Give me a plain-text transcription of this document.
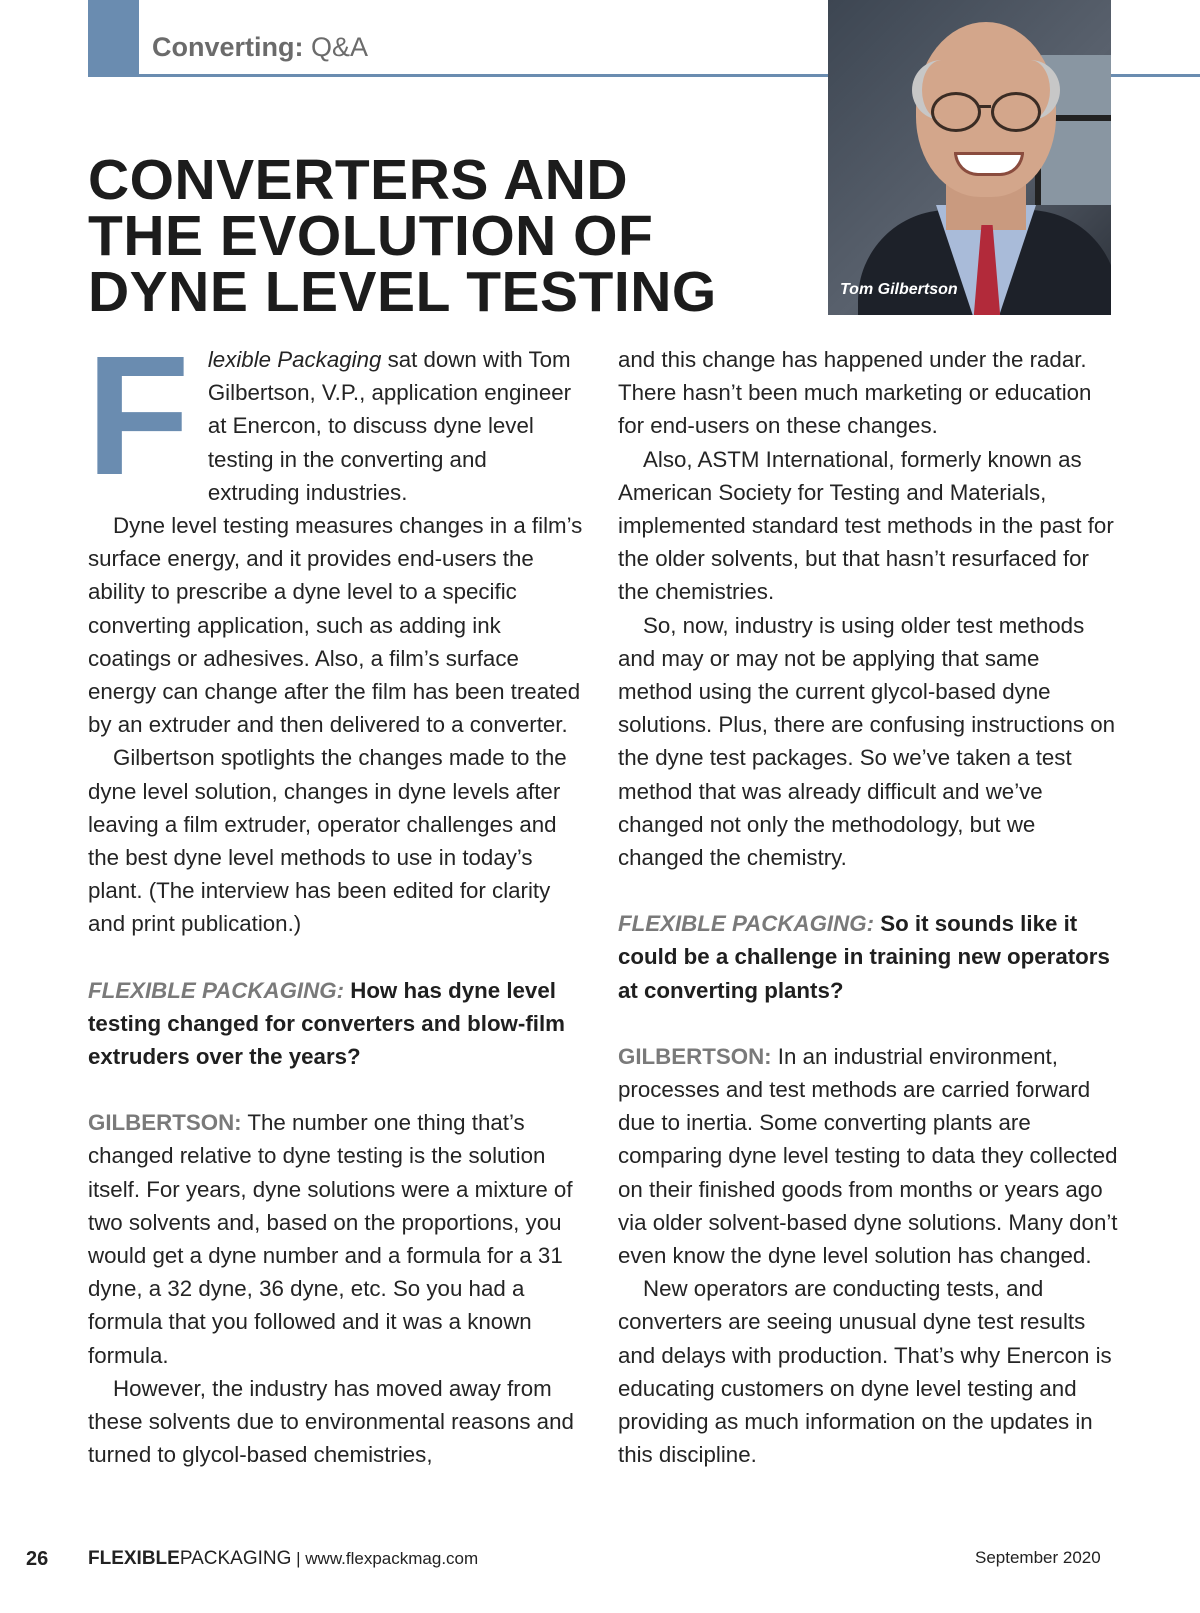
Converting: Q&A
CONVERTERS AND
THE EVOLUTION OF
DYNE LEVEL TESTING	Tom Gilbertson

Flexible Packaging sat down with Tom Gilbertson, V.P., application engineer at Enercon, to discuss dyne level testing in the converting and extruding industries.

Dyne level testing measures changes in a film’s surface energy, and it provides end-users the ability to prescribe a dyne level to a specific converting application, such as adding ink coatings or adhesives. Also, a film’s surface energy can change after the film has been treated by an extruder and then delivered to a converter.

Gilbertson spotlights the changes made to the dyne level solution, changes in dyne levels after leaving a film extruder, operator challenges and the best dyne level methods to use in today’s plant. (The interview has been edited for clarity and print publication.)

FLEXIBLE PACKAGING: How has dyne level testing changed for converters and blow-film extruders over the years?

GILBERTSON: The number one thing that’s changed relative to dyne testing is the solution itself. For years, dyne solutions were a mixture of two solvents and, based on the proportions, you would get a dyne number and a formula for a 31 dyne, a 32 dyne, 36 dyne, etc. So you had a formula that you followed and it was a known formula.

However, the industry has moved away from these solvents due to environmental reasons and turned to glycol-based chemistries,

and this change has happened under the radar. There hasn’t been much marketing or education for end-users on these changes.

Also, ASTM International, formerly known as American Society for Testing and Materials, implemented standard test methods in the past for the older solvents, but that hasn’t resurfaced for the chemistries.

So, now, industry is using older test methods and may or may not be applying that same method using the current glycol-based dyne solutions. Plus, there are confusing instructions on the dyne test packages. So we’ve taken a test method that was already difficult and we’ve changed not only the methodology, but we changed the chemistry.

FLEXIBLE PACKAGING: So it sounds like it could be a challenge in training new operators at converting plants?

GILBERTSON: In an industrial environment, processes and test methods are carried forward due to inertia. Some converting plants are comparing dyne level testing to data they collected on their finished goods from months or years ago via older solvent-based dyne solutions. Many don’t even know the dyne level solution has changed.

New operators are conducting tests, and converters are seeing unusual dyne test results and delays with production. That’s why Enercon is educating customers on dyne level testing and providing as much information on the updates in this discipline.

26 FLEXIBLEPACKAGING | www.flexpackmag.com	September 2020
